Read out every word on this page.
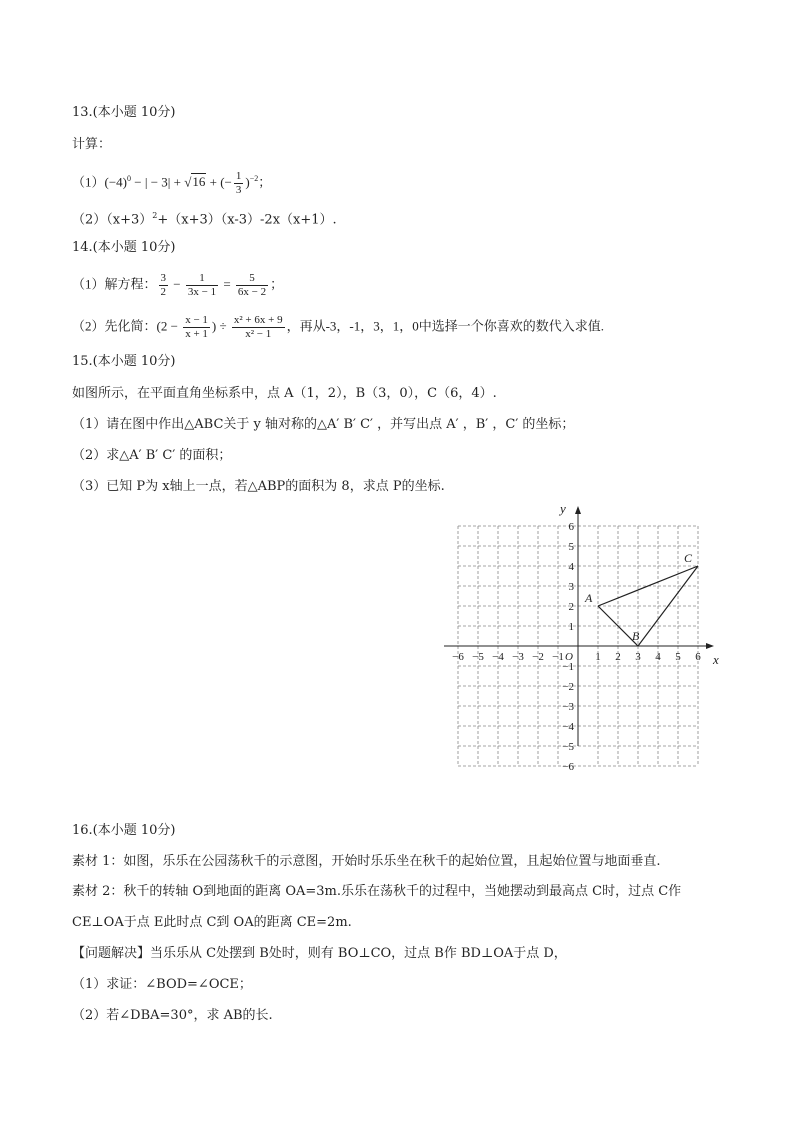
13.(本小题 10分)
计算：
$(1)(-4)^0$ − | − 3| + √16 + (− $\frac{1}{3} )^{-2}$；
$(2)(x+3)^2+(x+3)(x-3)-2x(x+1)$.
14.(本小题 10分)
（1）解方程： $\frac{3}{2} - \frac{1}{3x - 1} = \frac{5}{6x - 2}$ ；
（2）先化简：($2 - \frac{x - 1}{x + 1}$ ) ÷ $\frac{\text{x² + 6x + 9}}{\text{x² − 1}}$ ，再从-3，-1，3，1，0中选择一个你喜欢的数代入求值.
15.(本小题 10分)
如图所示，在平面直角坐标系中，点 A（1，2），B（3，0），C（6，4）.
（1）请在图中作出△ABC关于 y 轴对称的△A′ B′ C′ ，并写出点 A′ ，B′ ，C′ 的坐标；
（2）求△A′ B′ C′ 的面积；
（3）已知 P为 x轴上一点，若△ABP的面积为 8，求点 P的坐标.
−6 −5 −4 −3 −2 −1	1 2 3 4 5 6
6
5
4
3
2
1
−1
−2
−3
−4
−5
−6
A
B
C
x
y
O
16.(本小题 10分)
素材 1：如图，乐乐在公园荡秋千的示意图，开始时乐乐坐在秋千的起始位置，且起始位置与地面垂直.
素材 2：秋千的转轴 O到地面的距离 OA=3m.乐乐在荡秋千的过程中，当她摆动到最高点 C时，过点 C作
CE⊥OA于点 E此时点 C到 OA的距离 CE=2m.
【问题解决】当乐乐从 C处摆到 B处时，则有 BO⊥CO，过点 B作 BD⊥OA于点 D，
（1）求证：∠BOD=∠OCE；
（2）若∠DBA=30°，求 AB的长.
